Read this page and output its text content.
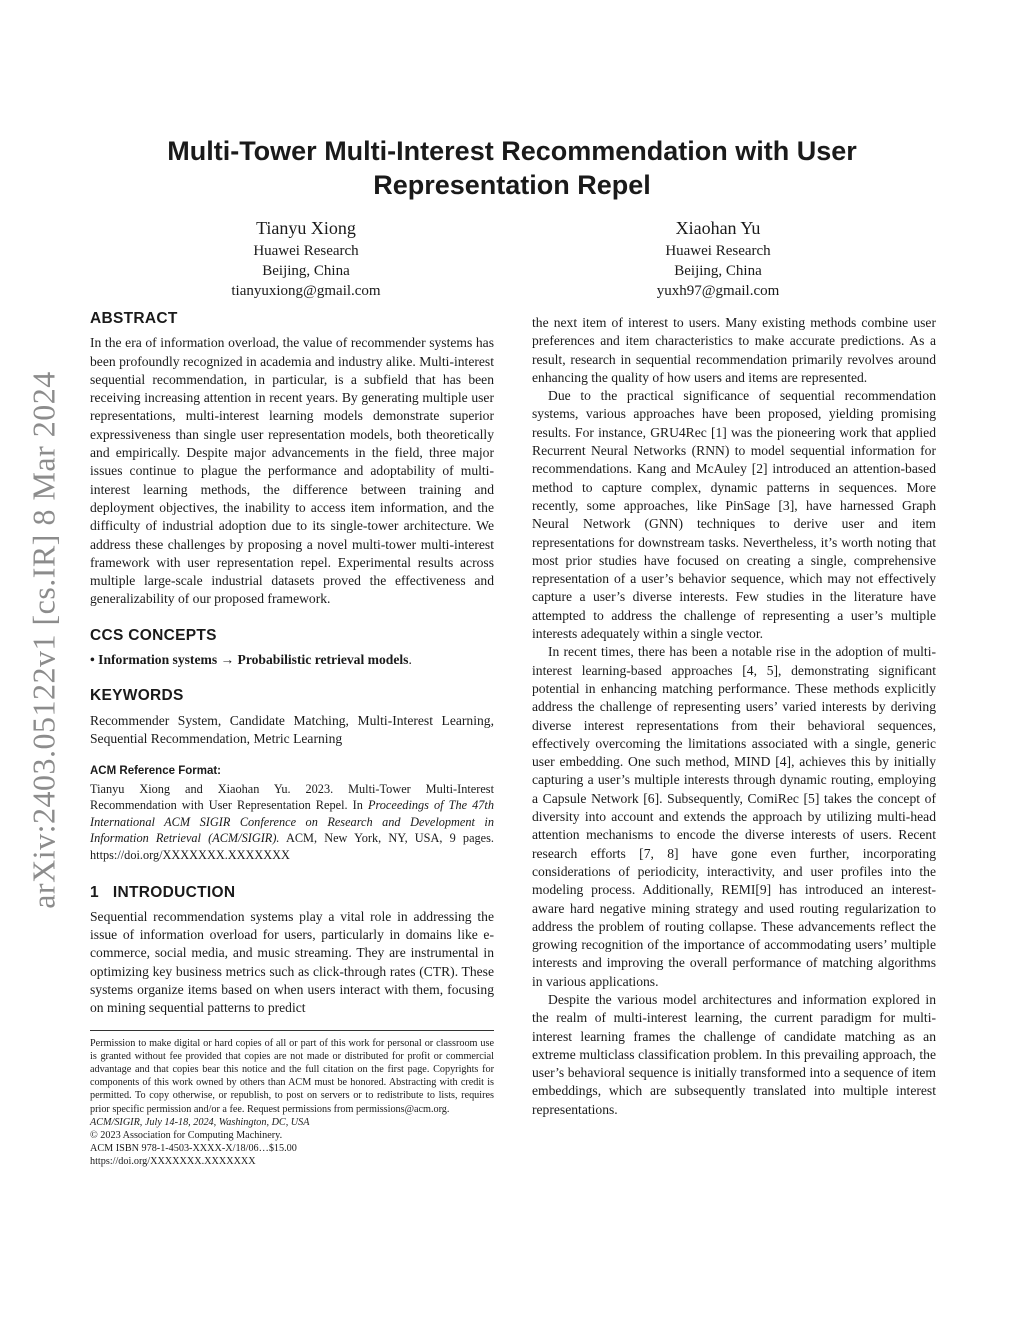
arXiv:2403.05122v1 [cs.IR] 8 Mar 2024
Multi-Tower Multi-Interest Recommendation with User Representation Repel
Tianyu Xiong
Huawei Research
Beijing, China
tianyuxiong@gmail.com
Xiaohan Yu
Huawei Research
Beijing, China
yuxh97@gmail.com
ABSTRACT

In the era of information overload, the value of recommender systems has been profoundly recognized in academia and industry alike. Multi-interest sequential recommendation, in particular, is a subfield that has been receiving increasing attention in recent years. By generating multiple user representations, multi-interest learning models demonstrate superior expressiveness than single user representation models, both theoretically and empirically. Despite major advancements in the field, three major issues continue to plague the performance and adoptability of multi-interest learning methods, the difference between training and deployment objectives, the inability to access item information, and the difficulty of industrial adoption due to its single-tower architecture. We address these challenges by proposing a novel multi-tower multi-interest framework with user representation repel. Experimental results across multiple large-scale industrial datasets proved the effectiveness and generalizability of our proposed framework.

CCS CONCEPTS

• Information systems → Probabilistic retrieval models.

KEYWORDS

Recommender System, Candidate Matching, Multi-Interest Learning, Sequential Recommendation, Metric Learning

ACM Reference Format:

Tianyu Xiong and Xiaohan Yu. 2023. Multi-Tower Multi-Interest Recommendation with User Representation Repel. In Proceedings of The 47th International ACM SIGIR Conference on Research and Development in Information Retrieval (ACM/SIGIR). ACM, New York, NY, USA, 9 pages. https://doi.org/XXXXXXX.XXXXXXX

1 INTRODUCTION

Sequential recommendation systems play a vital role in addressing the issue of information overload for users, particularly in domains like e-commerce, social media, and music streaming. They are instrumental in optimizing key business metrics such as click-through rates (CTR). These systems organize items based on when users interact with them, focusing on mining sequential patterns to predict

Permission to make digital or hard copies of all or part of this work for personal or classroom use is granted without fee provided that copies are not made or distributed for profit or commercial advantage and that copies bear this notice and the full citation on the first page. Copyrights for components of this work owned by others than ACM must be honored. Abstracting with credit is permitted. To copy otherwise, or republish, to post on servers or to redistribute to lists, requires prior specific permission and/or a fee. Request permissions from permissions@acm.org.

ACM/SIGIR, July 14-18, 2024, Washington, DC, USA

© 2023 Association for Computing Machinery.

ACM ISBN 978-1-4503-XXXX-X/18/06…$15.00

https://doi.org/XXXXXXX.XXXXXXX

the next item of interest to users. Many existing methods combine user preferences and item characteristics to make accurate predictions. As a result, research in sequential recommendation primarily revolves around enhancing the quality of how users and items are represented.

Due to the practical significance of sequential recommendation systems, various approaches have been proposed, yielding promising results. For instance, GRU4Rec [1] was the pioneering work that applied Recurrent Neural Networks (RNN) to model sequential information for recommendations. Kang and McAuley [2] introduced an attention-based method to capture complex, dynamic patterns in sequences. More recently, some approaches, like PinSage [3], have harnessed Graph Neural Network (GNN) techniques to derive user and item representations for downstream tasks. Nevertheless, it’s worth noting that most prior studies have focused on creating a single, comprehensive representation of a user’s behavior sequence, which may not effectively capture a user’s diverse interests. Few studies in the literature have attempted to address the challenge of representing a user’s multiple interests adequately within a single vector.

In recent times, there has been a notable rise in the adoption of multi-interest learning-based approaches [4, 5], demonstrating significant potential in enhancing matching performance. These methods explicitly address the challenge of representing users’ varied interests by deriving diverse interest representations from their behavioral sequences, effectively overcoming the limitations associated with a single, generic user embedding. One such method, MIND [4], achieves this by initially capturing a user’s multiple interests through dynamic routing, employing a Capsule Network [6]. Subsequently, ComiRec [5] takes the concept of diversity into account and extends the approach by utilizing multi-head attention mechanisms to encode the diverse interests of users. Recent research efforts [7, 8] have gone even further, incorporating considerations of periodicity, interactivity, and user profiles into the modeling process. Additionally, REMI[9] has introduced an interest-aware hard negative mining strategy and used routing regularization to address the problem of routing collapse. These advancements reflect the growing recognition of the importance of accommodating users’ multiple interests and improving the overall performance of matching algorithms in various applications.

Despite the various model architectures and information explored in the realm of multi-interest learning, the current paradigm for multi-interest learning frames the challenge of candidate matching as an extreme multiclass classification problem. In this prevailing approach, the user’s behavioral sequence is initially transformed into a sequence of item embeddings, which are subsequently translated into multiple interest representations.
